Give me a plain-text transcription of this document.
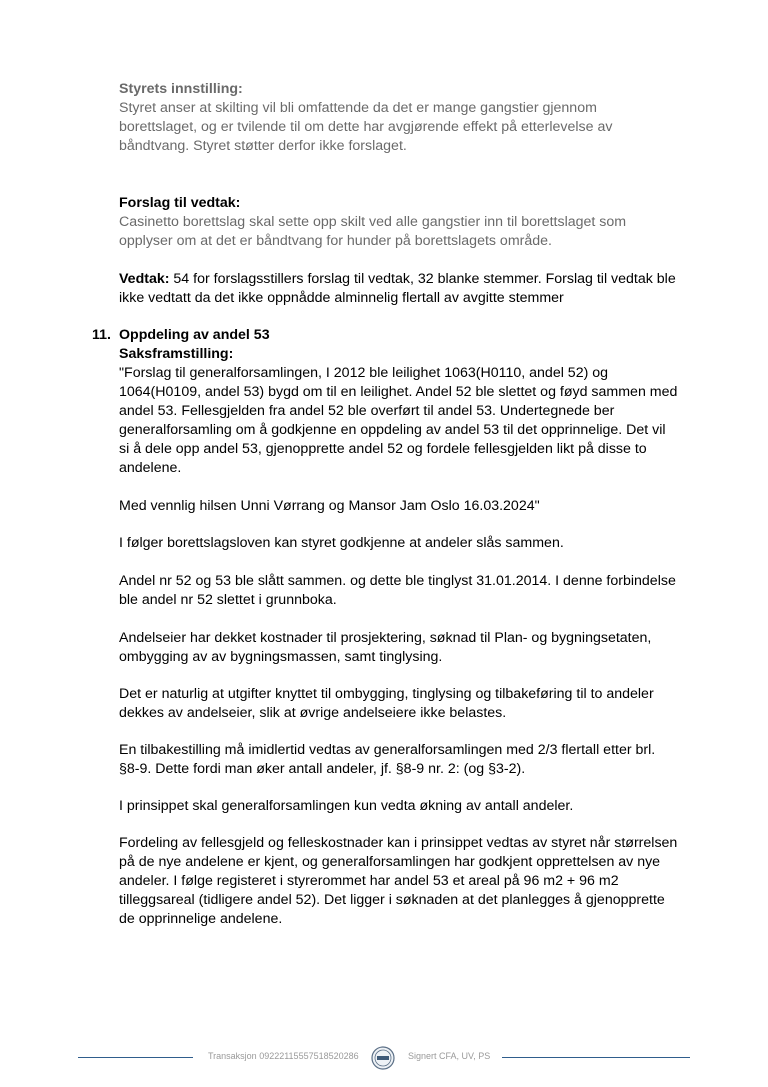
Styrets innstilling:
Styret anser at skilting vil bli omfattende da det er mange gangstier gjennom borettslaget, og er tvilende til om dette har avgjørende effekt på etterlevelse av båndtvang. Styret støtter derfor ikke forslaget.
Forslag til vedtak:
Casinetto borettslag skal sette opp skilt ved alle gangstier inn til borettslaget som opplyser om at det er båndtvang for hunder på borettslagets område.
Vedtak: 54 for forslagsstillers forslag til vedtak, 32 blanke stemmer. Forslag til vedtak ble ikke vedtatt da det ikke oppnådde alminnelig flertall av avgitte stemmer
11. Oppdeling av andel 53
Saksframstilling:
"Forslag til generalforsamlingen, I 2012 ble leilighet 1063(H0110, andel 52) og 1064(H0109, andel 53) bygd om til en leilighet. Andel 52 ble slettet og føyd sammen med andel 53. Fellesgjelden fra andel 52 ble overført til andel 53. Undertegnede ber generalforsamling om å godkjenne en oppdeling av andel 53 til det opprinnelige. Det vil si å dele opp andel 53, gjenopprette andel 52 og fordele fellesgjelden likt på disse to andelene.
Med vennlig hilsen Unni Vørrang og Mansor Jam Oslo 16.03.2024"
I følger borettslagsloven kan styret godkjenne at andeler slås sammen.
Andel nr 52 og 53 ble slått sammen. og dette ble tinglyst 31.01.2014. I denne forbindelse ble andel nr 52 slettet i grunnboka.
Andelseier har dekket kostnader til prosjektering, søknad til Plan- og bygningsetaten, ombygging av av bygningsmassen, samt tinglysing.
Det er naturlig at utgifter knyttet til ombygging, tinglysing og tilbakeføring til to andeler dekkes av andelseier, slik at øvrige andelseiere ikke belastes.
En tilbakestilling må imidlertid vedtas av generalforsamlingen med 2/3 flertall etter brl. §8-9. Dette fordi man øker antall andeler, jf. §8-9 nr. 2: (og §3-2).
I prinsippet skal generalforsamlingen kun vedta økning av antall andeler.
Fordeling av fellesgjeld og felleskostnader kan i prinsippet vedtas av styret når størrelsen på de nye andelene er kjent, og generalforsamlingen har godkjent opprettelsen av nye andeler. I følge registeret i styrerommet har andel 53 et areal på 96 m2 + 96 m2 tilleggsareal (tidligere andel 52). Det ligger i søknaden at det planlegges å gjenopprette de opprinnelige andelene.
Transaksjon 09222115557518520286	Signert CFA, UV, PS
